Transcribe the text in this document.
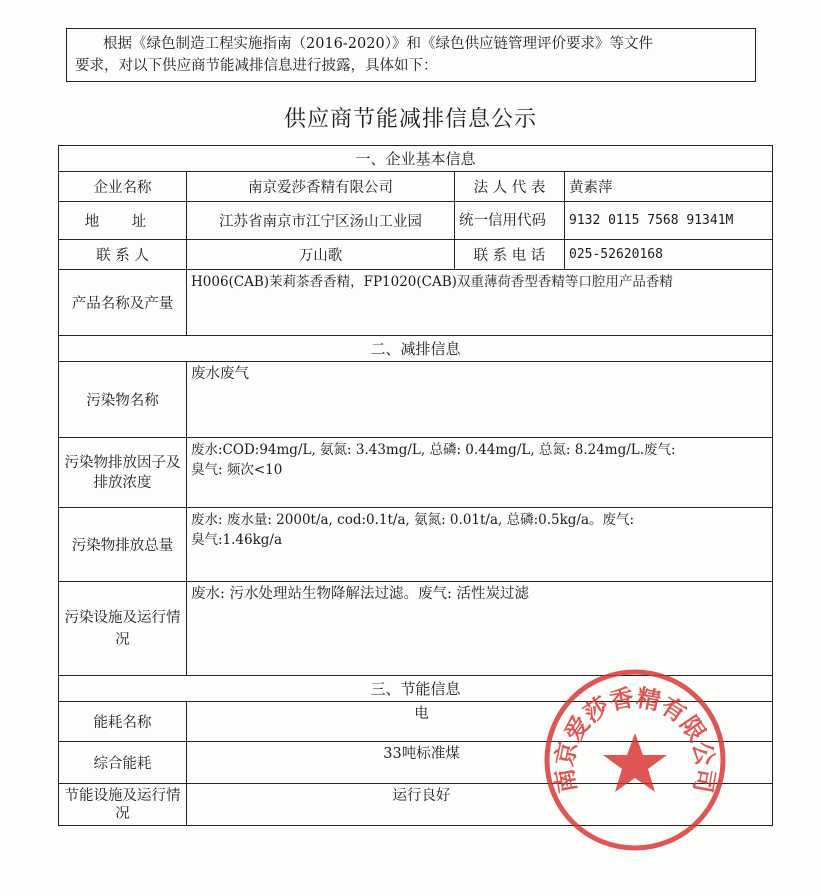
根据《绿色制造工程实施指南（2016-2020）》和《绿色供应链管理评价要求》等文件
要求，对以下供应商节能减排信息进行披露，具体如下：
供应商节能减排信息公示
一、企业基本信息			
企业名称	南京爱莎香精有限公司	法 人 代 表	黄素萍
地 址	江苏省南京市江宁区汤山工业园	统一信用代码	9132 0115 7568 91341M
联 系 人	万山歌	联 系 电 话	025-52620168
产品名称及产量	H006(CAB)茉莉茶香香精，FP1020(CAB)双重薄荷香型香精等口腔用产品香精		
二、减排信息			
污染物名称	废水废气		
污染物排放因子及排放浓度	废水:COD:94mg/L, 氨氮: 3.43mg/L, 总磷: 0.44mg/L, 总氮: 8.24mg/L.废气:
臭气: 频次<10		

污染物排放总量	废水: 废水量: 2000t/a, cod:0.1t/a, 氨氮: 0.01t/a, 总磷:0.5kg/a。废气:
臭气:1.46kg/a		

污染设施及运行情况	废水: 污水处理站生物降解法过滤。废气: 活性炭过滤		
三、节能信息			
能耗名称	电		
综合能耗	33吨标准煤		
节能设施及运行情况	运行良好		
南京爱莎香精有限公司
